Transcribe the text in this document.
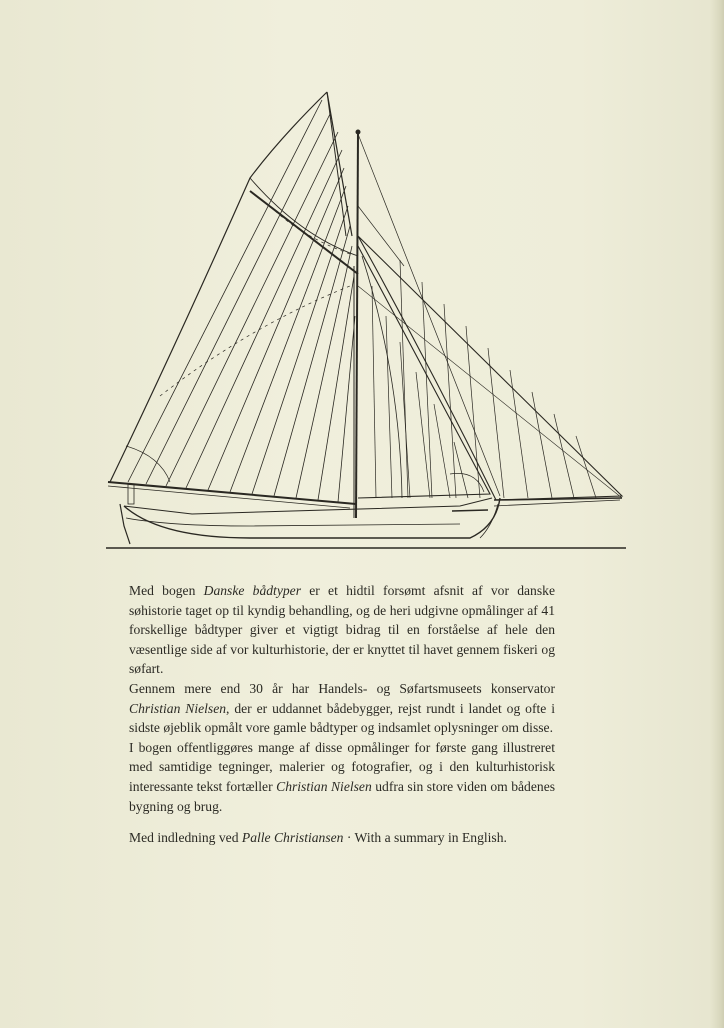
Med bogen Danske bådtyper er et hidtil forsømt afsnit af vor danske søhistorie taget op til kyndig behandling, og de heri udgivne opmålinger af 41 forskellige bådtyper giver et vigtigt bidrag til en forståelse af hele den væsentlige side af vor kulturhistorie, der er knyttet til havet gennem fiskeri og søfart.

Gennem mere end 30 år har Handels- og Søfartsmuseets konservator Christian Nielsen, der er uddannet bådebygger, rejst rundt i landet og ofte i sidste øjeblik opmålt vore gamle bådtyper og indsamlet oplysninger om disse.

I bogen offentliggøres mange af disse opmålinger for første gang illustreret med samtidige tegninger, malerier og fotografier, og i den kulturhistorisk interessante tekst fortæller Christian Nielsen udfra sin store viden om bådenes bygning og brug.

Med indledning ved Palle Christiansen · With a summary in English.
